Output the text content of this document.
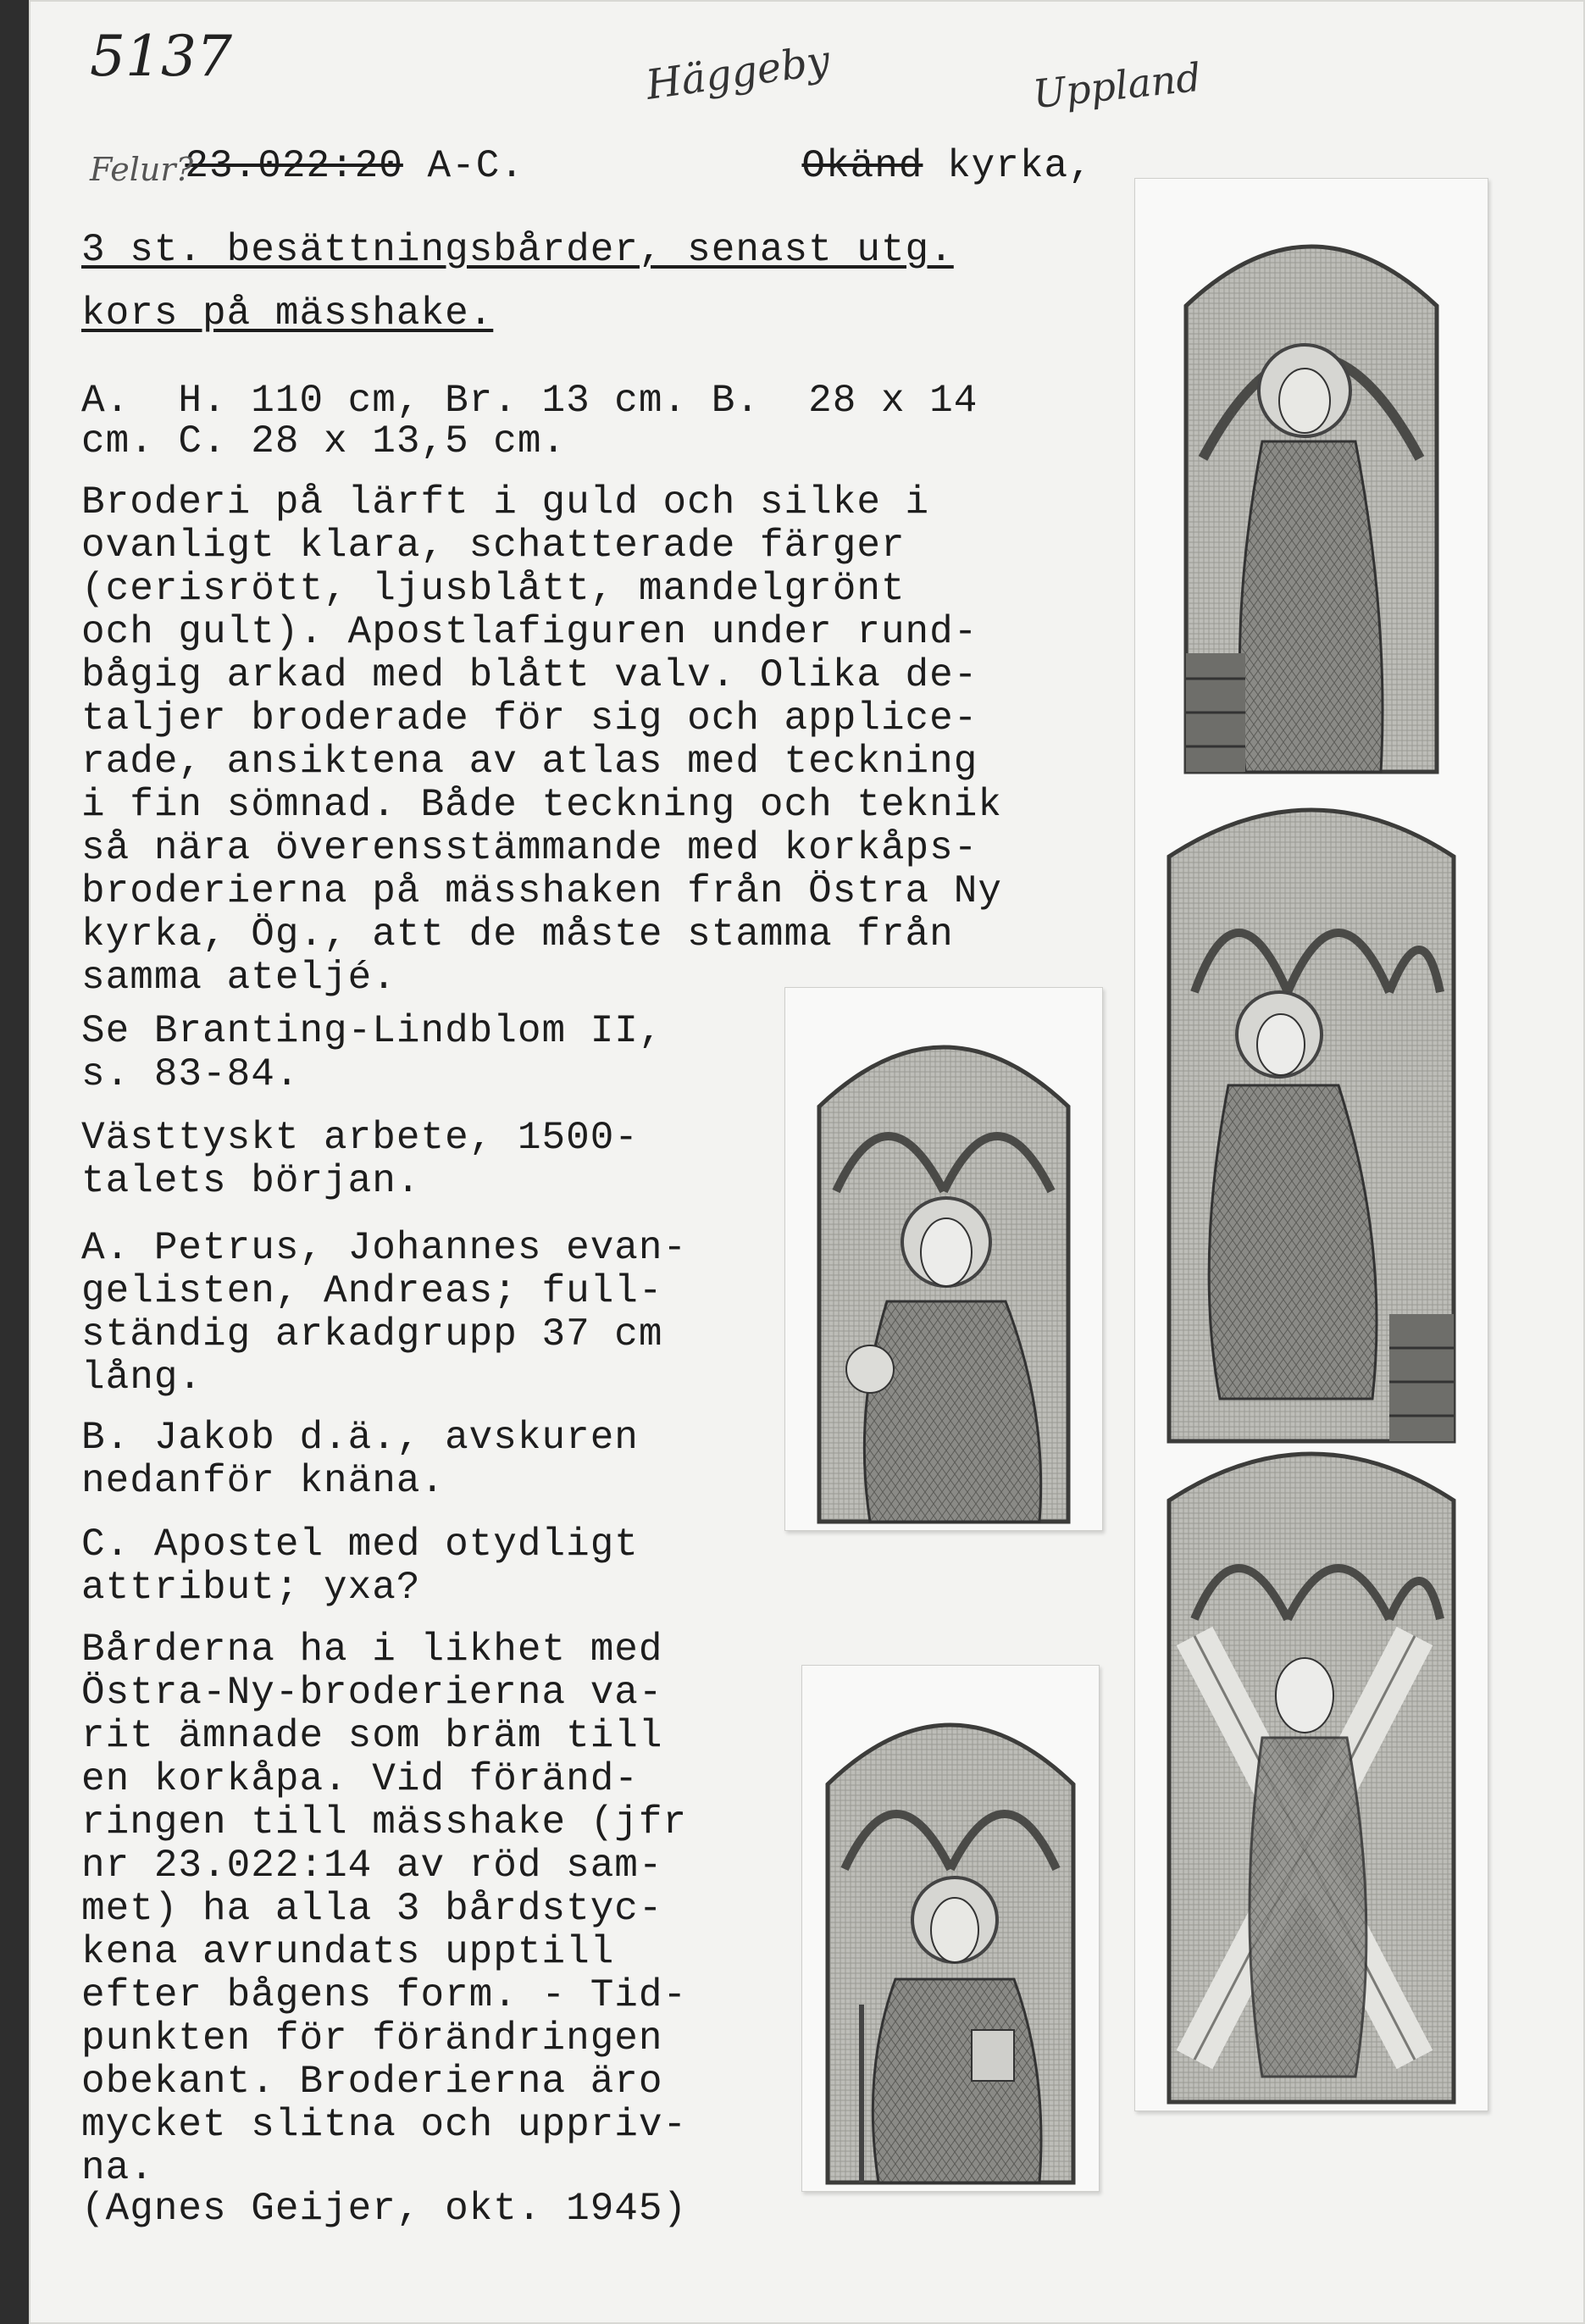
5137

23.022:20 A-C.

Felur?
Häggeby

Okänd kyrka,

Uppland
3 st. besättningsbårder, senast utg.
kors på mässhake.
A.  H. 110 cm, Br. 13 cm. B.  28 x 14
cm. C. 28 x 13,5 cm.
Broderi på lärft i guld och silke i
ovanligt klara, schatterade färger
(cerisrött, ljusblått, mandelgrönt
och gult). Apostlafiguren under rund-
bågig arkad med blått valv. Olika de-
taljer broderade för sig och applice-
rade, ansiktena av atlas med teckning
i fin sömnad. Både teckning och teknik
så nära överensstämmande med korkåps-
broderierna på mässhaken från Östra Ny
kyrka, Ög., att de måste stamma från
samma atelјé.
Se Branting-Lindblom II,
s. 83-84.
Västtyskt arbete, 1500-
talets början.
A. Petrus, Johannes evan-
gelisten, Andreas; full-
ständig arkadgrupp 37 cm
lång.
B. Jakob d.ä., avskuren
nedanför knäna.
C. Apostel med otydligt
attribut; yxa?
Bårderna ha i likhet med
Östra-Ny-broderierna va-
rit ämnade som bräm till
en korkåpa. Vid föränd-
ringen till mässhake (jfr
nr 23.022:14 av röd sam-
met) ha alla 3 bårdstyc-
kena avrundats upptill
efter bågens form. - Tid-
punkten för förändringen
obekant. Broderierna äro
mycket slitna och uppriv-
na.
(Agnes Geijer, okt. 1945)
